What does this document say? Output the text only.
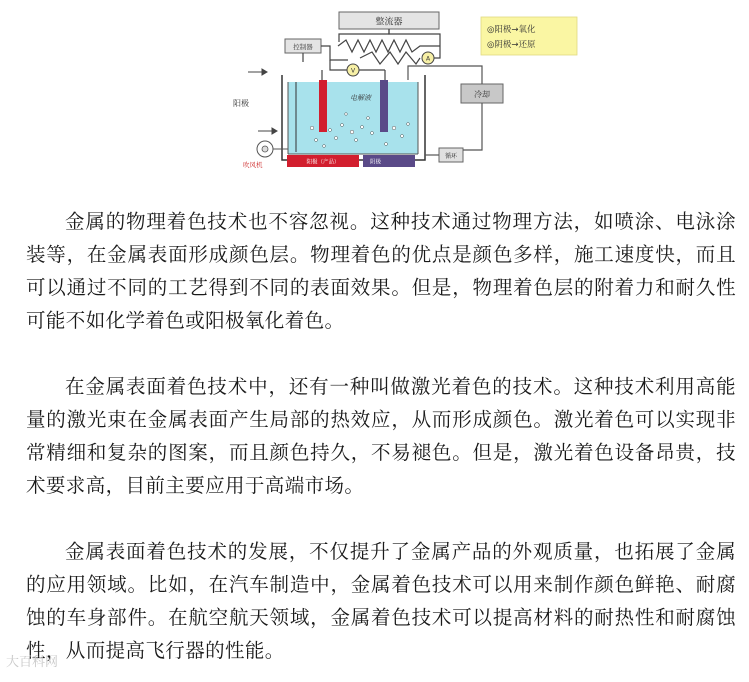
整流器
控制器
V
A
◎阳极→氧化
◎阴极→还原
阳极
电解液
阳极（产品）	阴极
吹风机
冷却
循环

金属的物理着色技术也不容忽视。这种技术通过物理方法，如喷涂、电泳涂装等，在金属表面形成颜色层。物理着色的优点是颜色多样，施工速度快，而且可以通过不同的工艺得到不同的表面效果。但是，物理着色层的附着力和耐久性可能不如化学着色或阳极氧化着色。

在金属表面着色技术中，还有一种叫做激光着色的技术。这种技术利用高能量的激光束在金属表面产生局部的热效应，从而形成颜色。激光着色可以实现非常精细和复杂的图案，而且颜色持久，不易褪色。但是，激光着色设备昂贵，技术要求高，目前主要应用于高端市场。

金属表面着色技术的发展，不仅提升了金属产品的外观质量，也拓展了金属的应用领域。比如，在汽车制造中，金属着色技术可以用来制作颜色鲜艳、耐腐蚀的车身部件。在航空航天领域，金属着色技术可以提高材料的耐热性和耐腐蚀性，从而提高飞行器的性能。

大百科网
